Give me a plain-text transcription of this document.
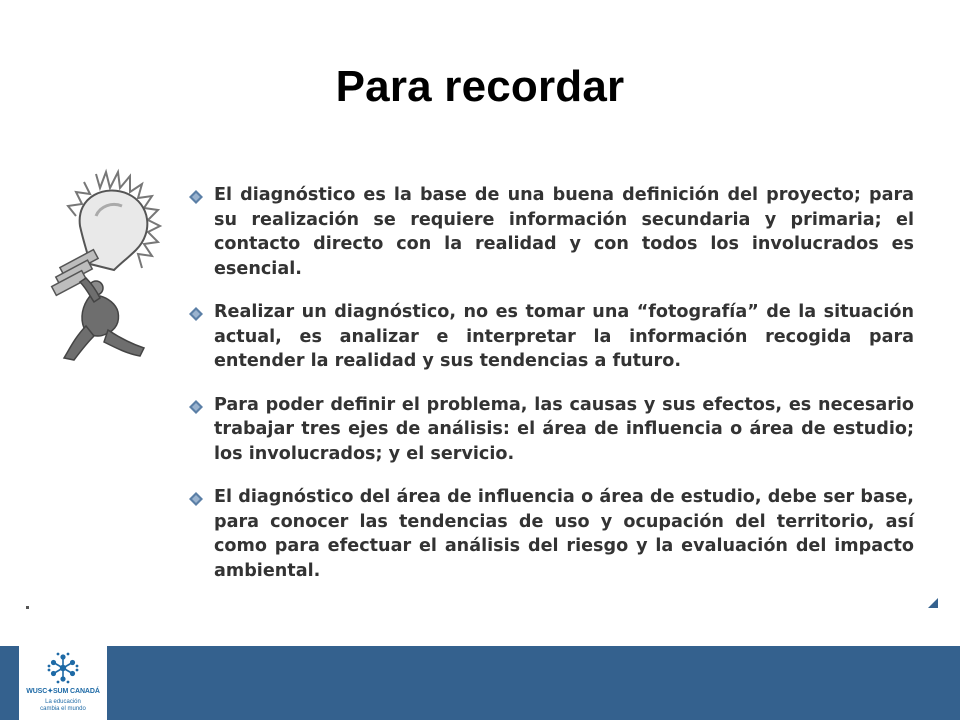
Para recordar
El diagnóstico es la base de una buena definición del proyecto; para su realización se requiere información secundaria y primaria; el contacto directo con la realidad y con todos los involucrados es esencial.
Realizar un diagnóstico, no es tomar una “fotografía” de la situación actual, es analizar e interpretar la información recogida para entender la realidad y sus tendencias a futuro.
Para poder definir el problema, las causas y sus efectos, es necesario trabajar tres ejes de análisis: el área de influencia o área de estudio; los involucrados; y el servicio.
El diagnóstico del área de influencia o área de estudio, debe ser base, para conocer las tendencias de uso y ocupación del territorio, así como para efectuar el análisis del riesgo y la evaluación del impacto ambiental.
WUSC✦SUM CANADÁ
La educación
cambia el mundo
